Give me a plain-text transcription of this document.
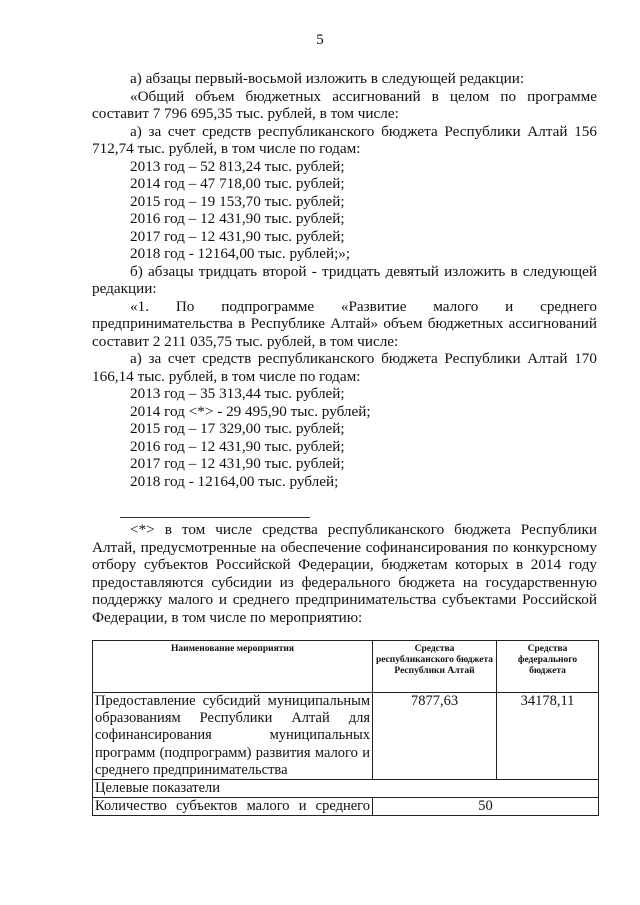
5

а) абзацы первый-восьмой изложить в следующей редакции:

«Общий объем бюджетных ассигнований в целом по программе составит 7 796 695,35 тыс. рублей, в том числе:

а) за счет средств республиканского бюджета Республики Алтай 156 712,74 тыс. рублей, в том числе по годам:

2013 год – 52 813,24 тыс. рублей;

2014 год – 47 718,00 тыс. рублей;

2015 год – 19 153,70 тыс. рублей;

2016 год – 12 431,90 тыс. рублей;

2017 год – 12 431,90 тыс. рублей;

2018 год - 12164,00 тыс. рублей;»;

б) абзацы тридцать второй - тридцать девятый изложить в следующей редакции:

«1. По подпрограмме «Развитие малого и среднего предпринимательства в Республике Алтай» объем бюджетных ассигнований составит 2 211 035,75 тыс. рублей, в том числе:

а) за счет средств республиканского бюджета Республики Алтай 170 166,14 тыс. рублей, в том числе по годам:

2013 год – 35 313,44 тыс. рублей;

2014 год <*> - 29 495,90 тыс. рублей;

2015 год – 17 329,00 тыс. рублей;

2016 год – 12 431,90 тыс. рублей;

2017 год – 12 431,90 тыс. рублей;

2018 год - 12164,00 тыс. рублей;

<*> в том числе средства республиканского бюджета Республики Алтай, предусмотренные на обеспечение софинансирования по конкурсному отбору субъектов Российской Федерации, бюджетам которых в 2014 году предоставляются субсидии из федерального бюджета на государственную поддержку малого и среднего предпринимательства субъектами Российской Федерации, в том числе по мероприятию:

Наименование мероприятия	Средства республиканского бюджета Республики Алтай	Средства федерального бюджета
Предоставление субсидий муниципальным образованиям Республики Алтай для софинансирования муниципальных программ (подпрограмм) развития малого и среднего предпринимательства	7877,63	34178,11
Целевые показатели		
Количество субъектов малого и среднего	50	
